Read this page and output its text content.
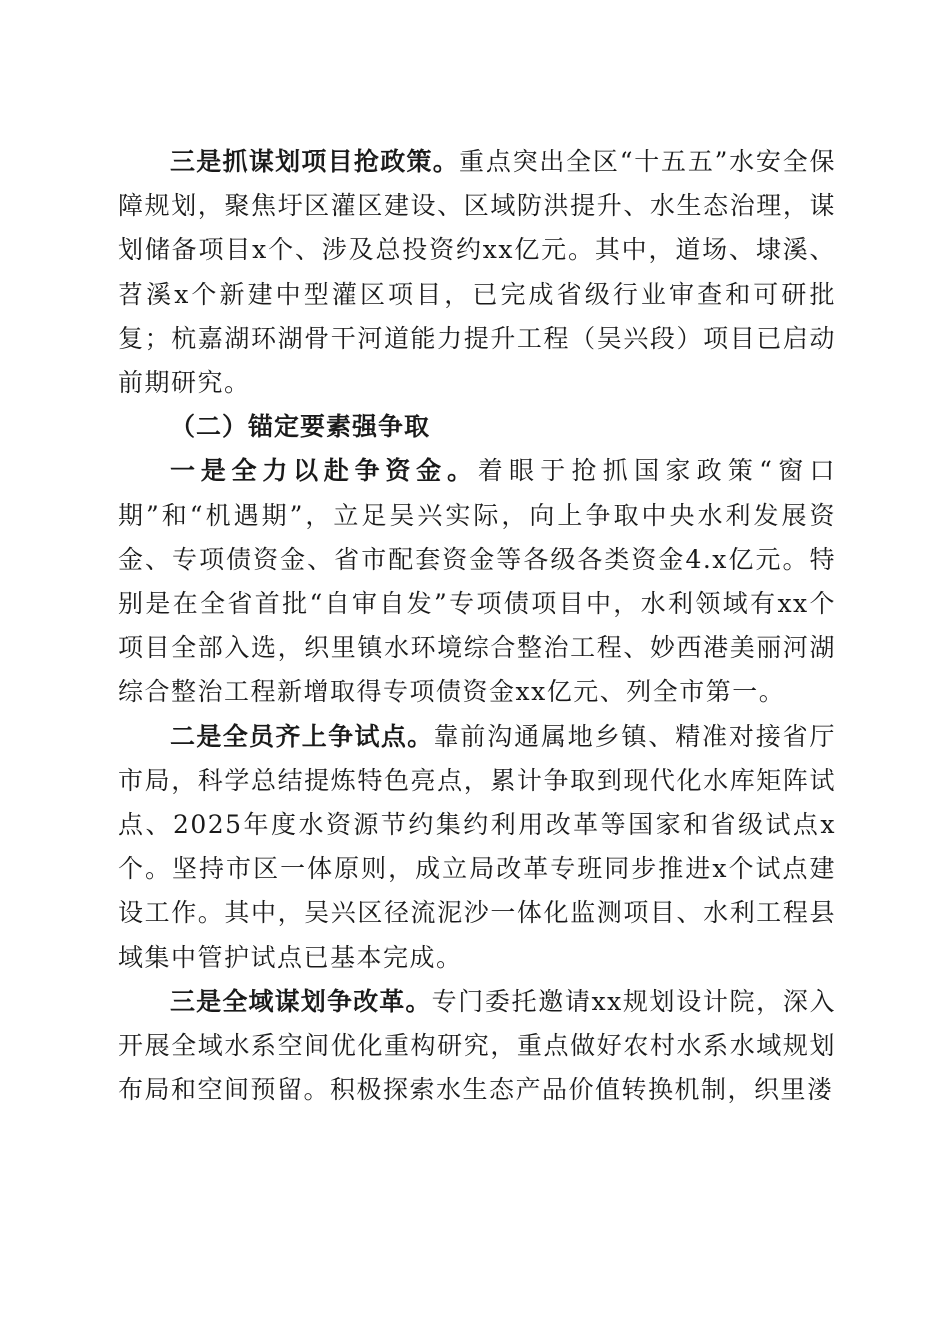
三是抓谋划项目抢政策。重点突出全区“十五五”水安全保障规划，聚焦圩区灌区建设、区域防洪提升、水生态治理，谋划储备项目x个、涉及总投资约xx亿元。其中，道场、埭溪、苕溪x个新建中型灌区项目，已完成省级行业审查和可研批复；杭嘉湖环湖骨干河道能力提升工程（吴兴段）项目已启动前期研究。

（二）锚定要素强争取

一是全力以赴争资金。着眼于抢抓国家政策“窗口期”和“机遇期”，立足吴兴实际，向上争取中央水利发展资金、专项债资金、省市配套资金等各级各类资金4.x亿元。特别是在全省首批“自审自发”专项债项目中，水利领域有xx个项目全部入选，织里镇水环境综合整治工程、妙西港美丽河湖综合整治工程新增取得专项债资金xx亿元、列全市第一。

二是全员齐上争试点。靠前沟通属地乡镇、精准对接省厅市局，科学总结提炼特色亮点，累计争取到现代化水库矩阵试点、2025年度水资源节约集约利用改革等国家和省级试点x个。坚持市区一体原则，成立局改革专班同步推进x个试点建设工作。其中，吴兴区径流泥沙一体化监测项目、水利工程县域集中管护试点已基本完成。

三是全域谋划争改革。专门委托邀请xx规划设计院，深入开展全域水系空间优化重构研究，重点做好农村水系水域规划布局和空间预留。积极探索水生态产品价值转换机制，织里溇
